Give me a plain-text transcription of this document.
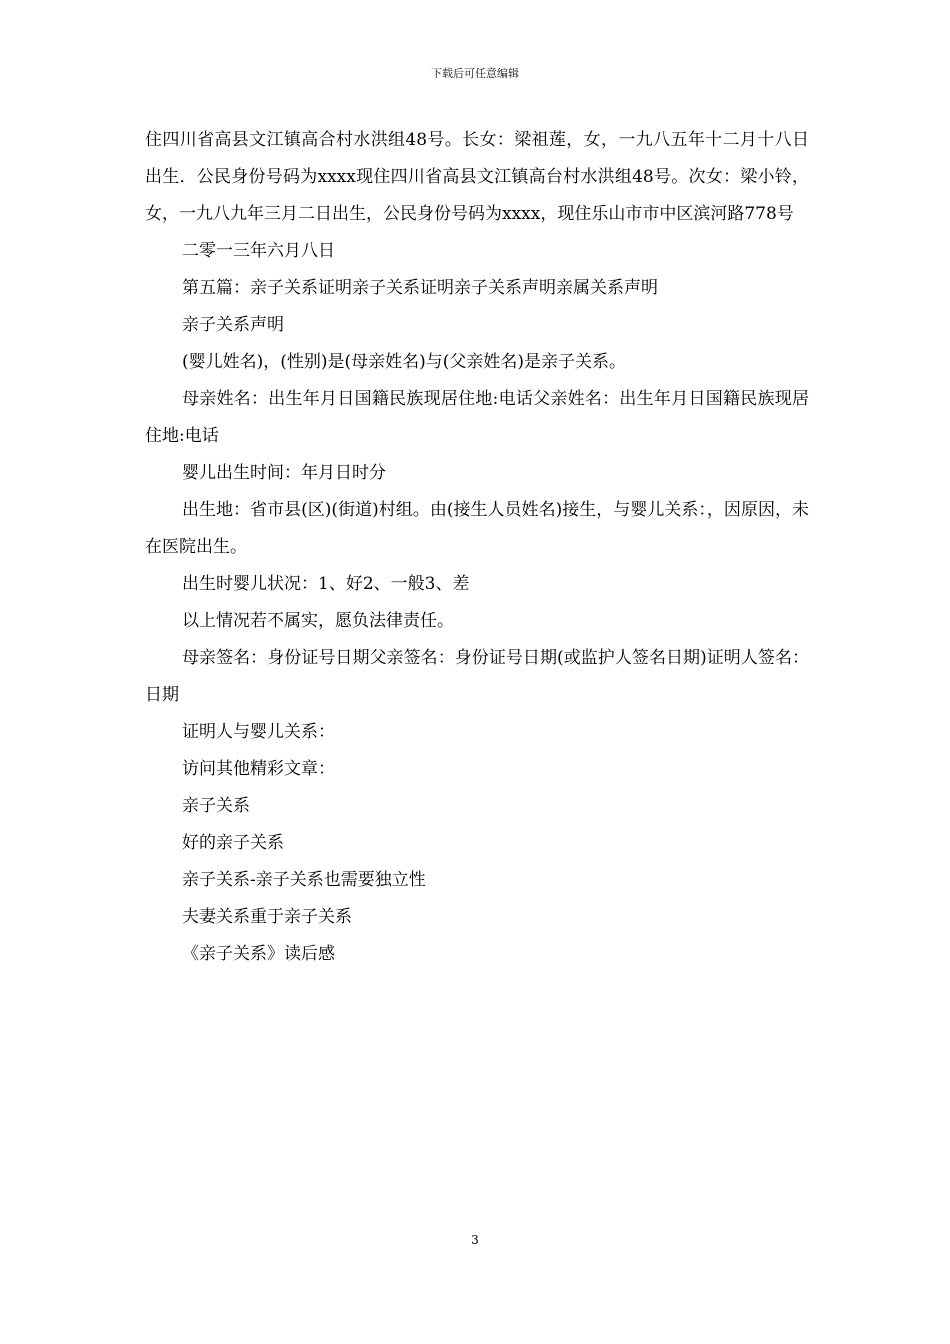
下载后可任意编辑

住四川省高县文江镇高合村水洪组48号。长女：梁祖莲，女，一九八五年十二月十八日出生．公民身份号码为xxxx现住四川省高县文江镇高台村水洪组48号。次女：梁小铃，女，一九八九年三月二日出生，公民身份号码为xxxx，现住乐山市市中区滨河路778号

二零一三年六月八日

第五篇：亲子关系证明亲子关系证明亲子关系声明亲属关系声明

亲子关系声明

(婴儿姓名)，(性别)是(母亲姓名)与(父亲姓名)是亲子关系。

母亲姓名：出生年月日国籍民族现居住地:电话父亲姓名：出生年月日国籍民族现居住地:电话

婴儿出生时间：年月日时分

出生地：省市县(区)(街道)村组。由(接生人员姓名)接生，与婴儿关系：，因原因，未在医院出生。

出生时婴儿状况：1、好2、一般3、差

以上情况若不属实，愿负法律责任。

母亲签名：身份证号日期父亲签名：身份证号日期(或监护人签名日期)证明人签名：日期

证明人与婴儿关系：

访问其他精彩文章：

亲子关系

好的亲子关系

亲子关系-亲子关系也需要独立性

夫妻关系重于亲子关系

《亲子关系》读后感

3
